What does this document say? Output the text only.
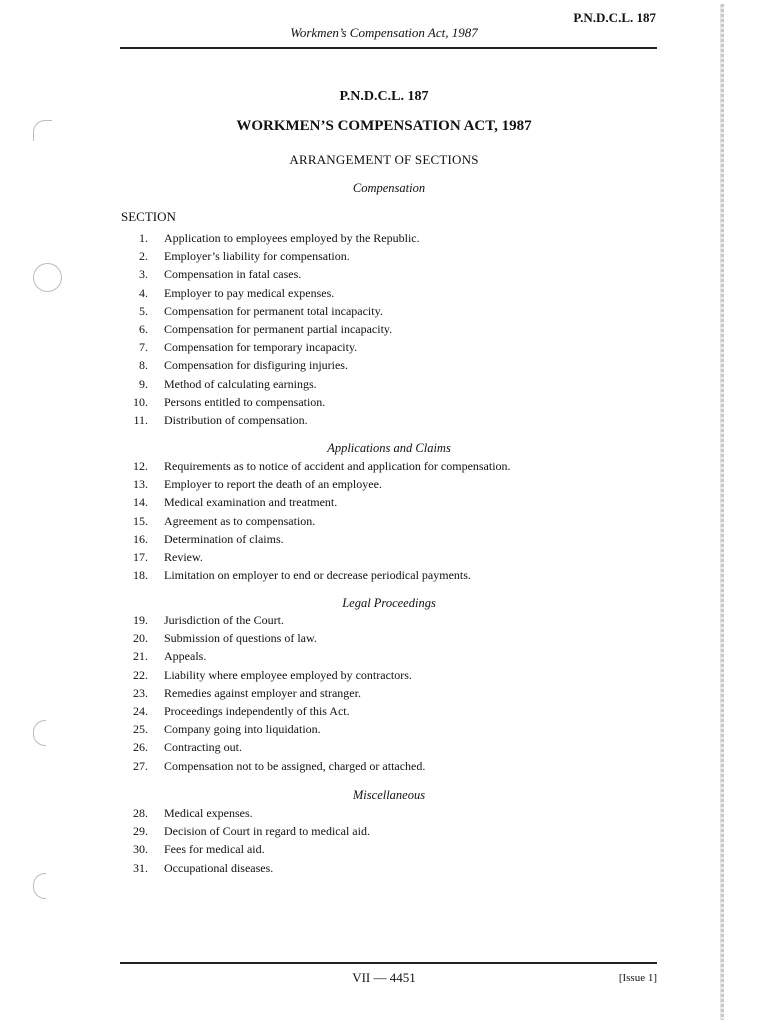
P.N.D.C.L. 187
Workmen’s Compensation Act, 1987
P.N.D.C.L. 187
WORKMEN’S COMPENSATION ACT, 1987
ARRANGEMENT OF SECTIONS
Compensation
SECTION
1. Application to employees employed by the Republic.
2. Employer’s liability for compensation.
3. Compensation in fatal cases.
4. Employer to pay medical expenses.
5. Compensation for permanent total incapacity.
6. Compensation for permanent partial incapacity.
7. Compensation for temporary incapacity.
8. Compensation for disfiguring injuries.
9. Method of calculating earnings.
10. Persons entitled to compensation.
11. Distribution of compensation.
12. Requirements as to notice of accident and application for compensation.
13. Employer to report the death of an employee.
14. Medical examination and treatment.
15. Agreement as to compensation.
16. Determination of claims.
17. Review.
18. Limitation on employer to end or decrease periodical payments.
19. Jurisdiction of the Court.
20. Submission of questions of law.
21. Appeals.
22. Liability where employee employed by contractors.
23. Remedies against employer and stranger.
24. Proceedings independently of this Act.
25. Company going into liquidation.
26. Contracting out.
27. Compensation not to be assigned, charged or attached.
28. Medical expenses.
29. Decision of Court in regard to medical aid.
30. Fees for medical aid.
31. Occupational diseases.
Applications and Claims
Legal Proceedings
Miscellaneous
VII — 4451	[Issue 1]
